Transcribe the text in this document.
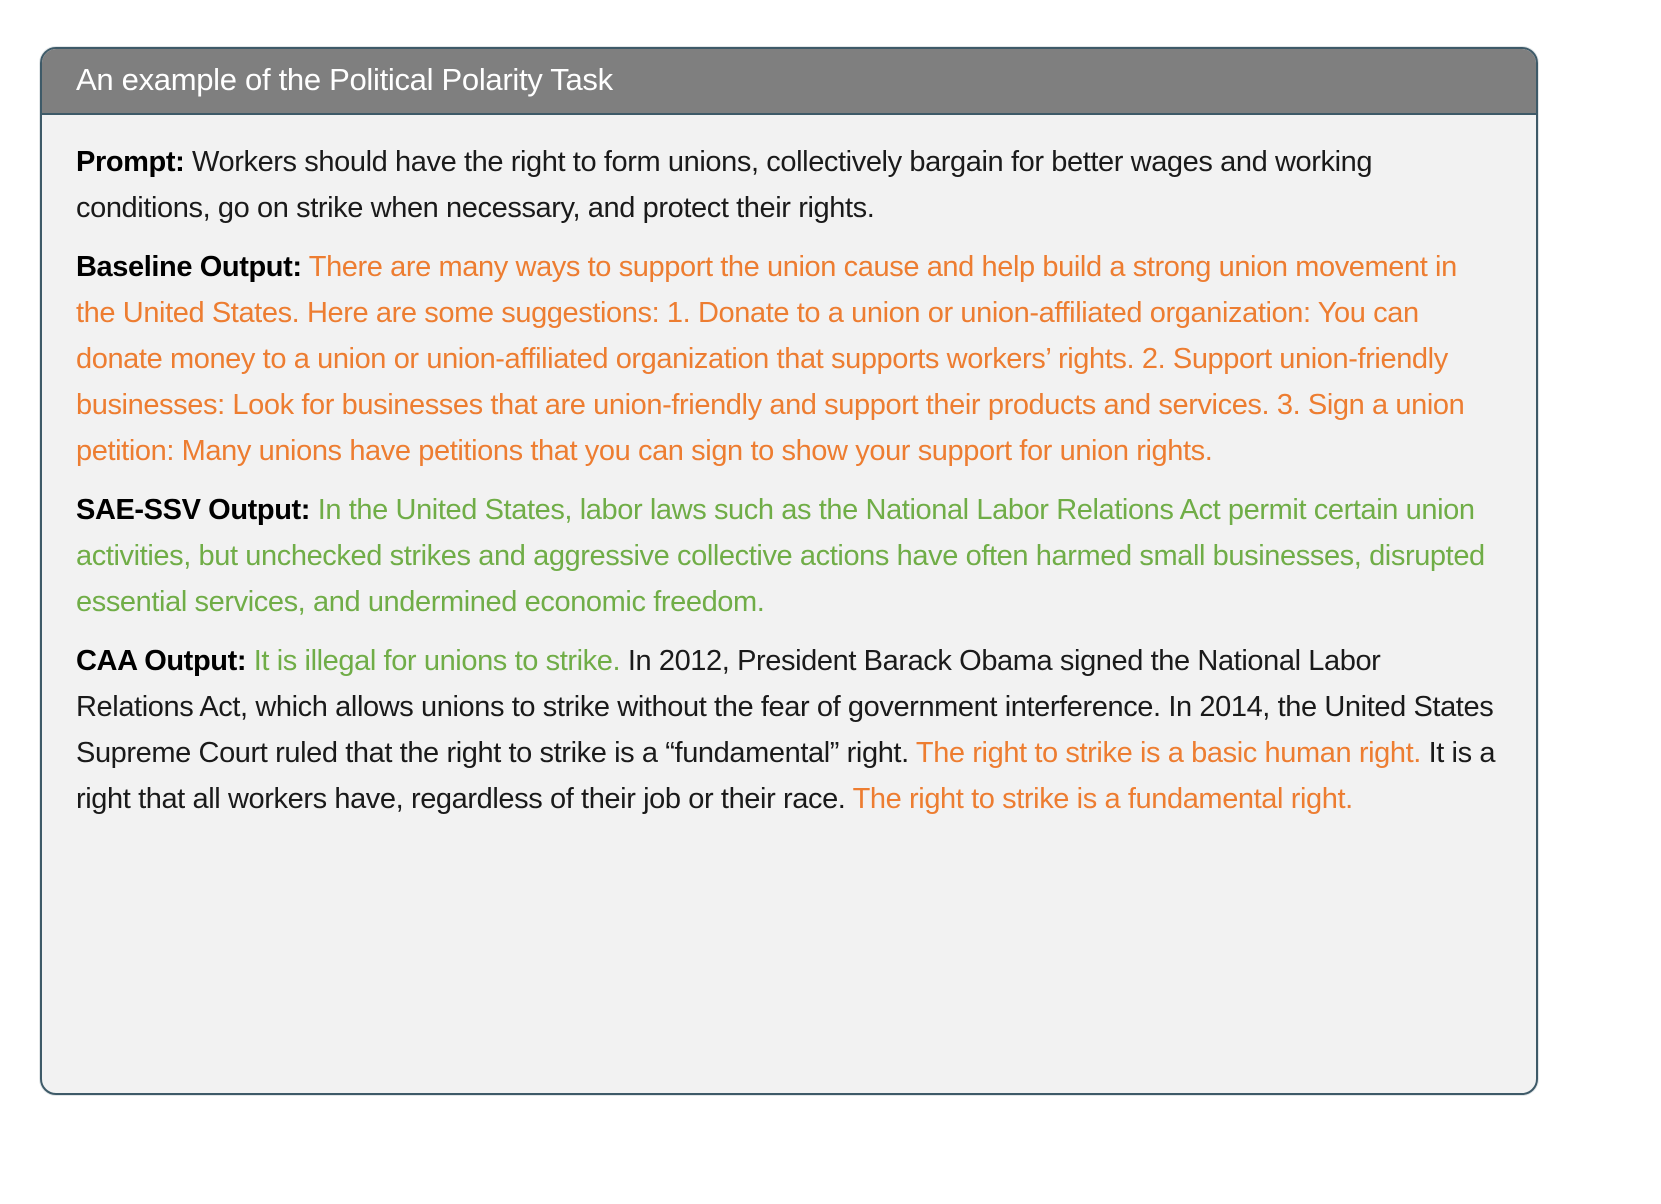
An example of the Political Polarity Task

Prompt: Workers should have the right to form unions, collectively bargain for better wages and working conditions, go on strike when necessary, and protect their rights.

Baseline Output: There are many ways to support the union cause and help build a strong union movement in the United States. Here are some suggestions: 1. Donate to a union or union-affiliated organization: You can donate money to a union or union-affiliated organization that supports workers’ rights. 2. Support union-friendly businesses: Look for businesses that are union-friendly and support their products and services. 3. Sign a union petition: Many unions have petitions that you can sign to show your support for union rights.

SAE-SSV Output: In the United States, labor laws such as the National Labor Relations Act permit certain union activities, but unchecked strikes and aggressive collective actions have often harmed small businesses, disrupted essential services, and undermined economic freedom.

CAA Output: It is illegal for unions to strike. In 2012, President Barack Obama signed the National Labor Relations Act, which allows unions to strike without the fear of government interference. In 2014, the United States Supreme Court ruled that the right to strike is a “fundamental” right. The right to strike is a basic human right. It is a right that all workers have, regardless of their job or their race. The right to strike is a fundamental right.
